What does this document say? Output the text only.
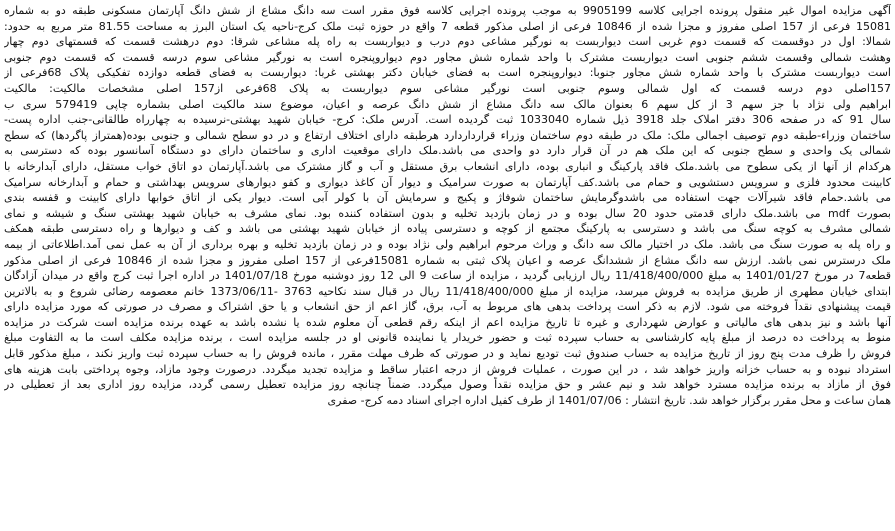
آگهی مزایده اموال غیر منقول پرونده اجرایی کلاسه 9905199 به موجب پرونده اجرایی کلاسه فوق مقرر است سه دانگ مشاع از شش دانگ آپارتمان مسکونی طبقه دو به شماره
15081 فرعی از 157 اصلی مفروز و مجزا شده از 10846 فرعی از اصلی مذکور قطعه 7 واقع در حوزه ثبت ملک کرج-ناحیه یک استان البرز به مساحت 81.55 متر مربع به حدود:
شمالا: اول در دوقسمت که قسمت دوم غربی است دیواربست به نورگیر مشاعی دوم درب و دیواربست به راه پله مشاعی شرقا: دوم درهشت قسمت که قسمتهای دوم چهار
وهشت شمالی وقسمت ششم جنوبی است دیواربست مشترک با واحد شماره شش مجاور دوم دیواروپنجره است به نورگیر مشاعی سوم درسه قسمت که قسمت دوم جنوبی
است دیواربست مشترک با واحد شماره شش مجاور جنوبا: دیواروپنجره است به فضای خیابان دکتر بهشتی غربا: دیواربست به فضای قطعه دوازده تفکیکی پلاک 68فرعی از
157اصلی دوم درسه قسمت که اول شمالی وسوم جنوبی است نورگیر مشاعی سوم دیواربست به پلاک 68فرعی از157 اصلی مشخصات مالکیت: مالکیت
ابراهیم ولی نژاد با جز سهم 3 از کل سهم 6 بعنوان مالک سه دانگ مشاع از شش دانگ عرصه و اعیان، موضوع سند مالکیت اصلی بشماره چاپی 579419 سری ب
سال 91 که در صفحه 306 دفتر املاک جلد 3918 ذیل شماره 1033040 ثبت گردیده است. آدرس ملک: کرج- خیابان شهید بهشتی-نرسیده به چهارراه طالقانی-جنب اداره پست-
ساختمان وزراء-طبقه دوم توصیف اجمالی ملک: ملک در طبقه دوم ساختمان وزراء قرارداردارد هرطبقه دارای اختلاف ارتفاع و در دو سطح شمالی و جنوبی بوده(همتراز پاگردها) که سطح
شمالی یک واحدی و سطح جنوبی که این ملک هم در آن قرار دارد دو واحدی می باشد.ملک دارای موقعیت اداری و ساختمان دارای دو دستگاه آسانسور بوده که دسترسی به
هرکدام از آنها از یکی سطوح می باشد.ملک فاقد پارکینگ و انباری بوده، دارای انشعاب برق مستقل و آب و گاز مشترک می باشد.آپارتمان دو اتاق خواب مستقل، دارای آبدارخانه با
کابینت محدود فلزی و سرویس دستشویی و حمام می باشد.کف آپارتمان به صورت سرامیک و دیوار آن کاغذ دیواری و کفو دیوارهای سرویس بهداشتی و حمام و آبدارخانه سرامیک
می باشد.حمام فاقد شیرآلات جهت استفاده می باشدوگرمایش ساختمان شوفاژ و پکیج و سرمایش آن با کولر آبی است. دیوار یکی از اتاق خوابها دارای کابینت و قفسه بندی
بصورت mdf می باشد.ملک دارای قدمتی حدود 20 سال بوده و در زمان بازدید تخلیه و بدون استفاده کننده بود. نمای مشرف به خیابان شهید بهشتی سنگ و شیشه و نمای
شمالی مشرف به کوچه سنگ می باشد و دسترسی به پارکینگ مجتمع از کوچه و دسترسی پیاده از خیابان شهید بهشتی می باشد و کف و دیوارها و راه دسترسی طبقه همکف
و راه پله به صورت سنگ می باشد. ملک در اختیار مالک سه دانگ و وراث مرحوم ابراهیم ولی نژاد بوده و در زمان بازدید تخلیه و بهره برداری از آن به عمل نمی آمد.اطلاعاتی از بیمه
ملک درسترس نمی باشد. ارزش سه دانگ مشاع از ششدانگ عرصه و اعیان پلاک ثبتی به شماره 15081فرعی از 157 اصلی مفروز و مجزا شده از 10846 فرعی از اصلی مذکور
قطعه7 در مورخ 1401/01/27 به مبلغ 11/418/400/000 ریال ارزیابی گردید ، مزایده از ساعت 9 الی 12 روز دوشنبه مورخ 1401/07/18 در اداره اجرا ثبت کرج واقع در میدان آزادگان
ابتدای خیابان مطهری از طریق مزایده به فروش میرسد، مزایده از مبلغ 11/418/400/000 ریال در قبال سند نکاحیه 3763 -1373/06/11 خانم معصومه رضائی شروع و به بالاترین
قیمت پیشنهادی نقداً فروخته می شود. لازم به ذکر است پرداخت بدهی های مربوط به آب، برق، گاز اعم از حق انشعاب و یا حق اشتراک و مصرف در صورتی که مورد مزایده دارای
آنها باشد و نیز بدهی های مالیاتی و عوارض شهرداری و غیره تا تاریخ مزایده اعم از اینکه رقم قطعی آن معلوم شده یا نشده باشد به عهده برنده مزایده است شرکت در مزایده
منوط به پرداخت ده درصد از مبلغ پایه کارشناسی به حساب سپرده ثبت و حضور خریدار یا نماینده قانونی او در جلسه مزایده است ، برنده مزایده مکلف است ما به التفاوت مبلغ
فروش را ظرف مدت پنج روز از تاریخ مزایده به حساب صندوق ثبت تودیع نماید و در صورتی که ظرف مهلت مقرر ، مانده فروش را به حساب سپرده ثبت واریز نکند ، مبلغ مذکور قابل
استرداد نبوده و به حساب خزانه واریز خواهد شد ، در این صورت ، عملیات فروش از درجه اعتبار ساقط و مزایده تجدید میگردد. درصورت وجود مازاد، وجوه پرداختی بابت هزینه های
فوق از مازاد به برنده مزایده مسترد خواهد شد و نیم عشر و حق مزایده نقداً وصول میگردد. ضمناً چنانچه روز مزایده تعطیل رسمی گردد، مزایده روز اداری بعد از تعطیلی در
همان ساعت و محل مقرر برگزار خواهد شد. تاریخ انتشار : 1401/07/06 از طرف کفیل اداره اجرای اسناد دمه کرج- صفری
